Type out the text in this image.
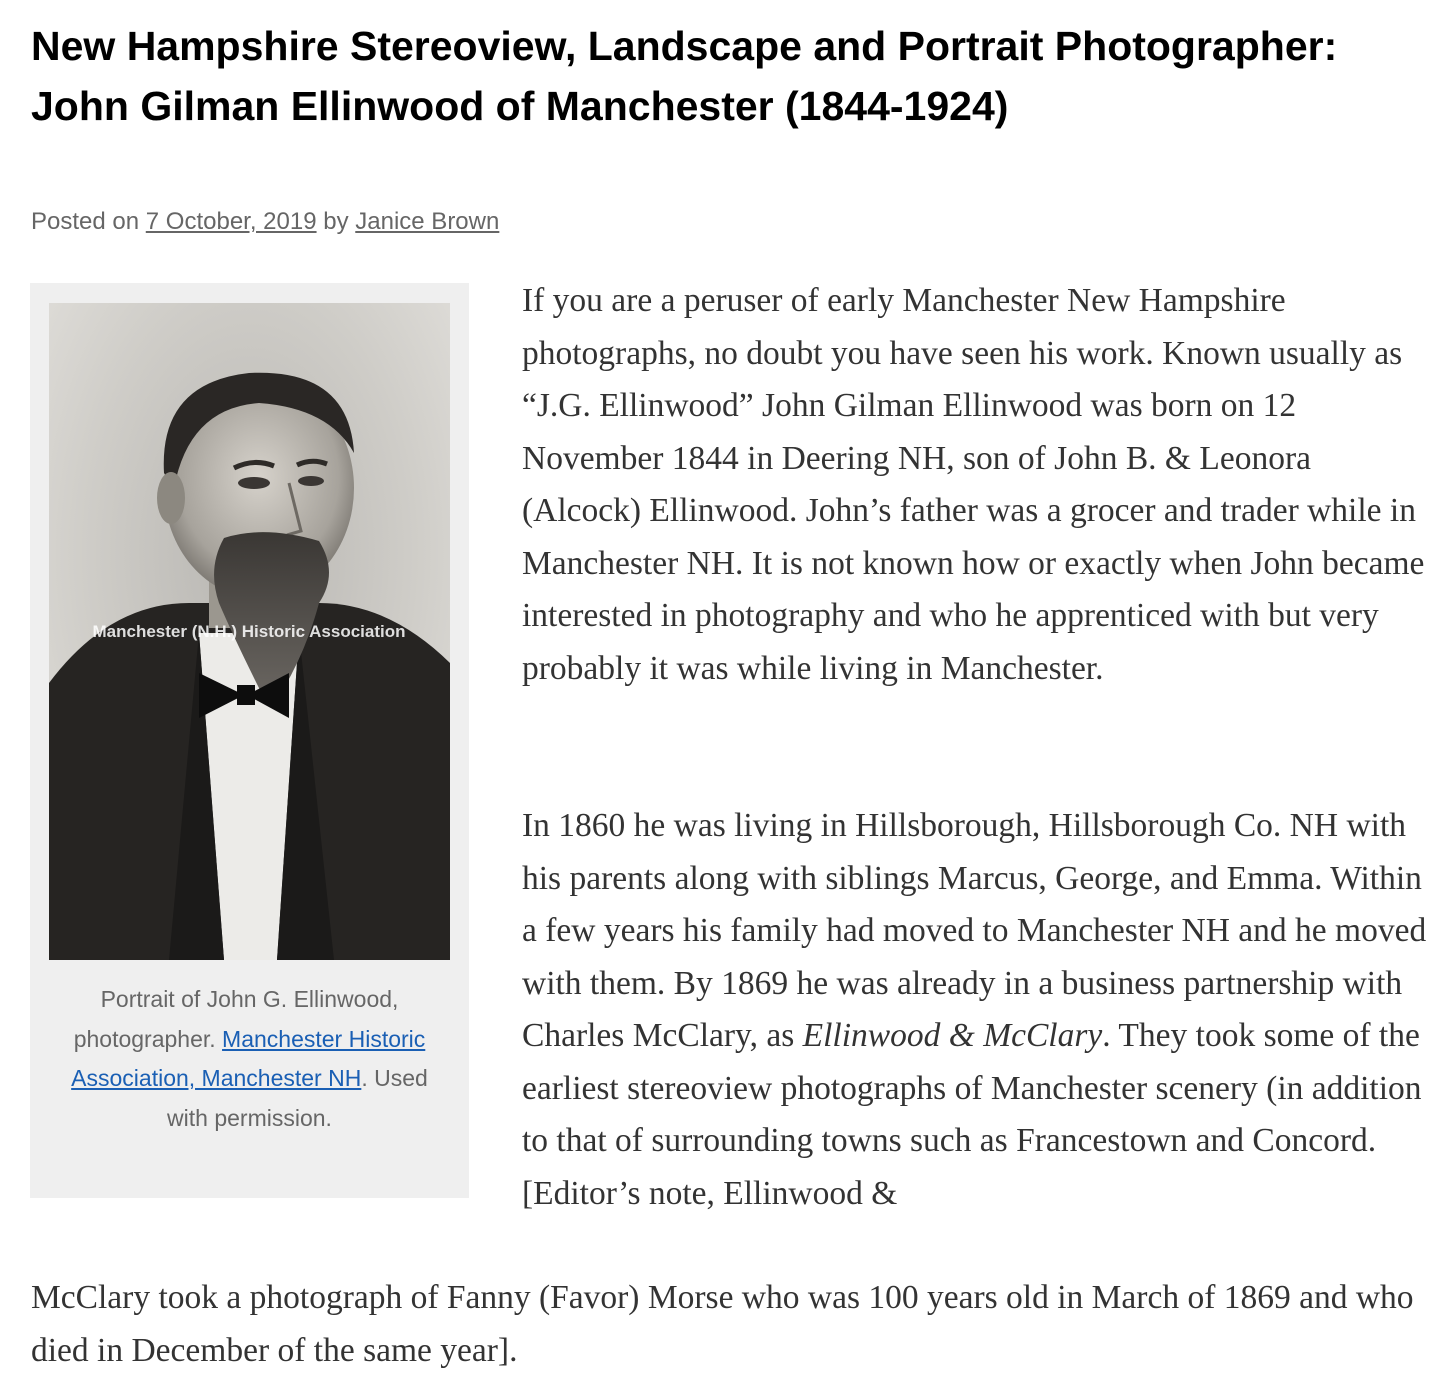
New Hampshire Stereoview, Landscape and Portrait Photographer: John Gilman Ellinwood of Manchester (1844-1924)
Posted on 7 October, 2019 by Janice Brown
Manchester (N.H.) Historic Association
Portrait of John G. Ellinwood, photographer. Manchester Historic Association, Manchester NH. Used with permission.

If you are a peruser of early Manchester New Hampshire photographs, no doubt you have seen his work. Known usually as “J.G. Ellinwood” John Gilman Ellinwood was born on 12 November 1844 in Deering NH, son of John B. & Leonora (Alcock) Ellinwood. John’s father was a grocer and trader while in Manchester NH. It is not known how or exactly when John became interested in photography and who he apprenticed with but very probably it was while living in Manchester.

In 1860 he was living in Hillsborough, Hillsborough Co. NH with his parents along with siblings Marcus, George, and Emma. Within a few years his family had moved to Manchester NH and he moved with them. By 1869 he was already in a business partnership with Charles McClary, as Ellinwood & McClary. They took some of the earliest stereoview photographs of Manchester scenery (in addition to that of surrounding towns such as Francestown and Concord. [Editor’s note, Ellinwood &

McClary took a photograph of Fanny (Favor) Morse who was 100 years old in March of 1869 and who died in December of the same year].
